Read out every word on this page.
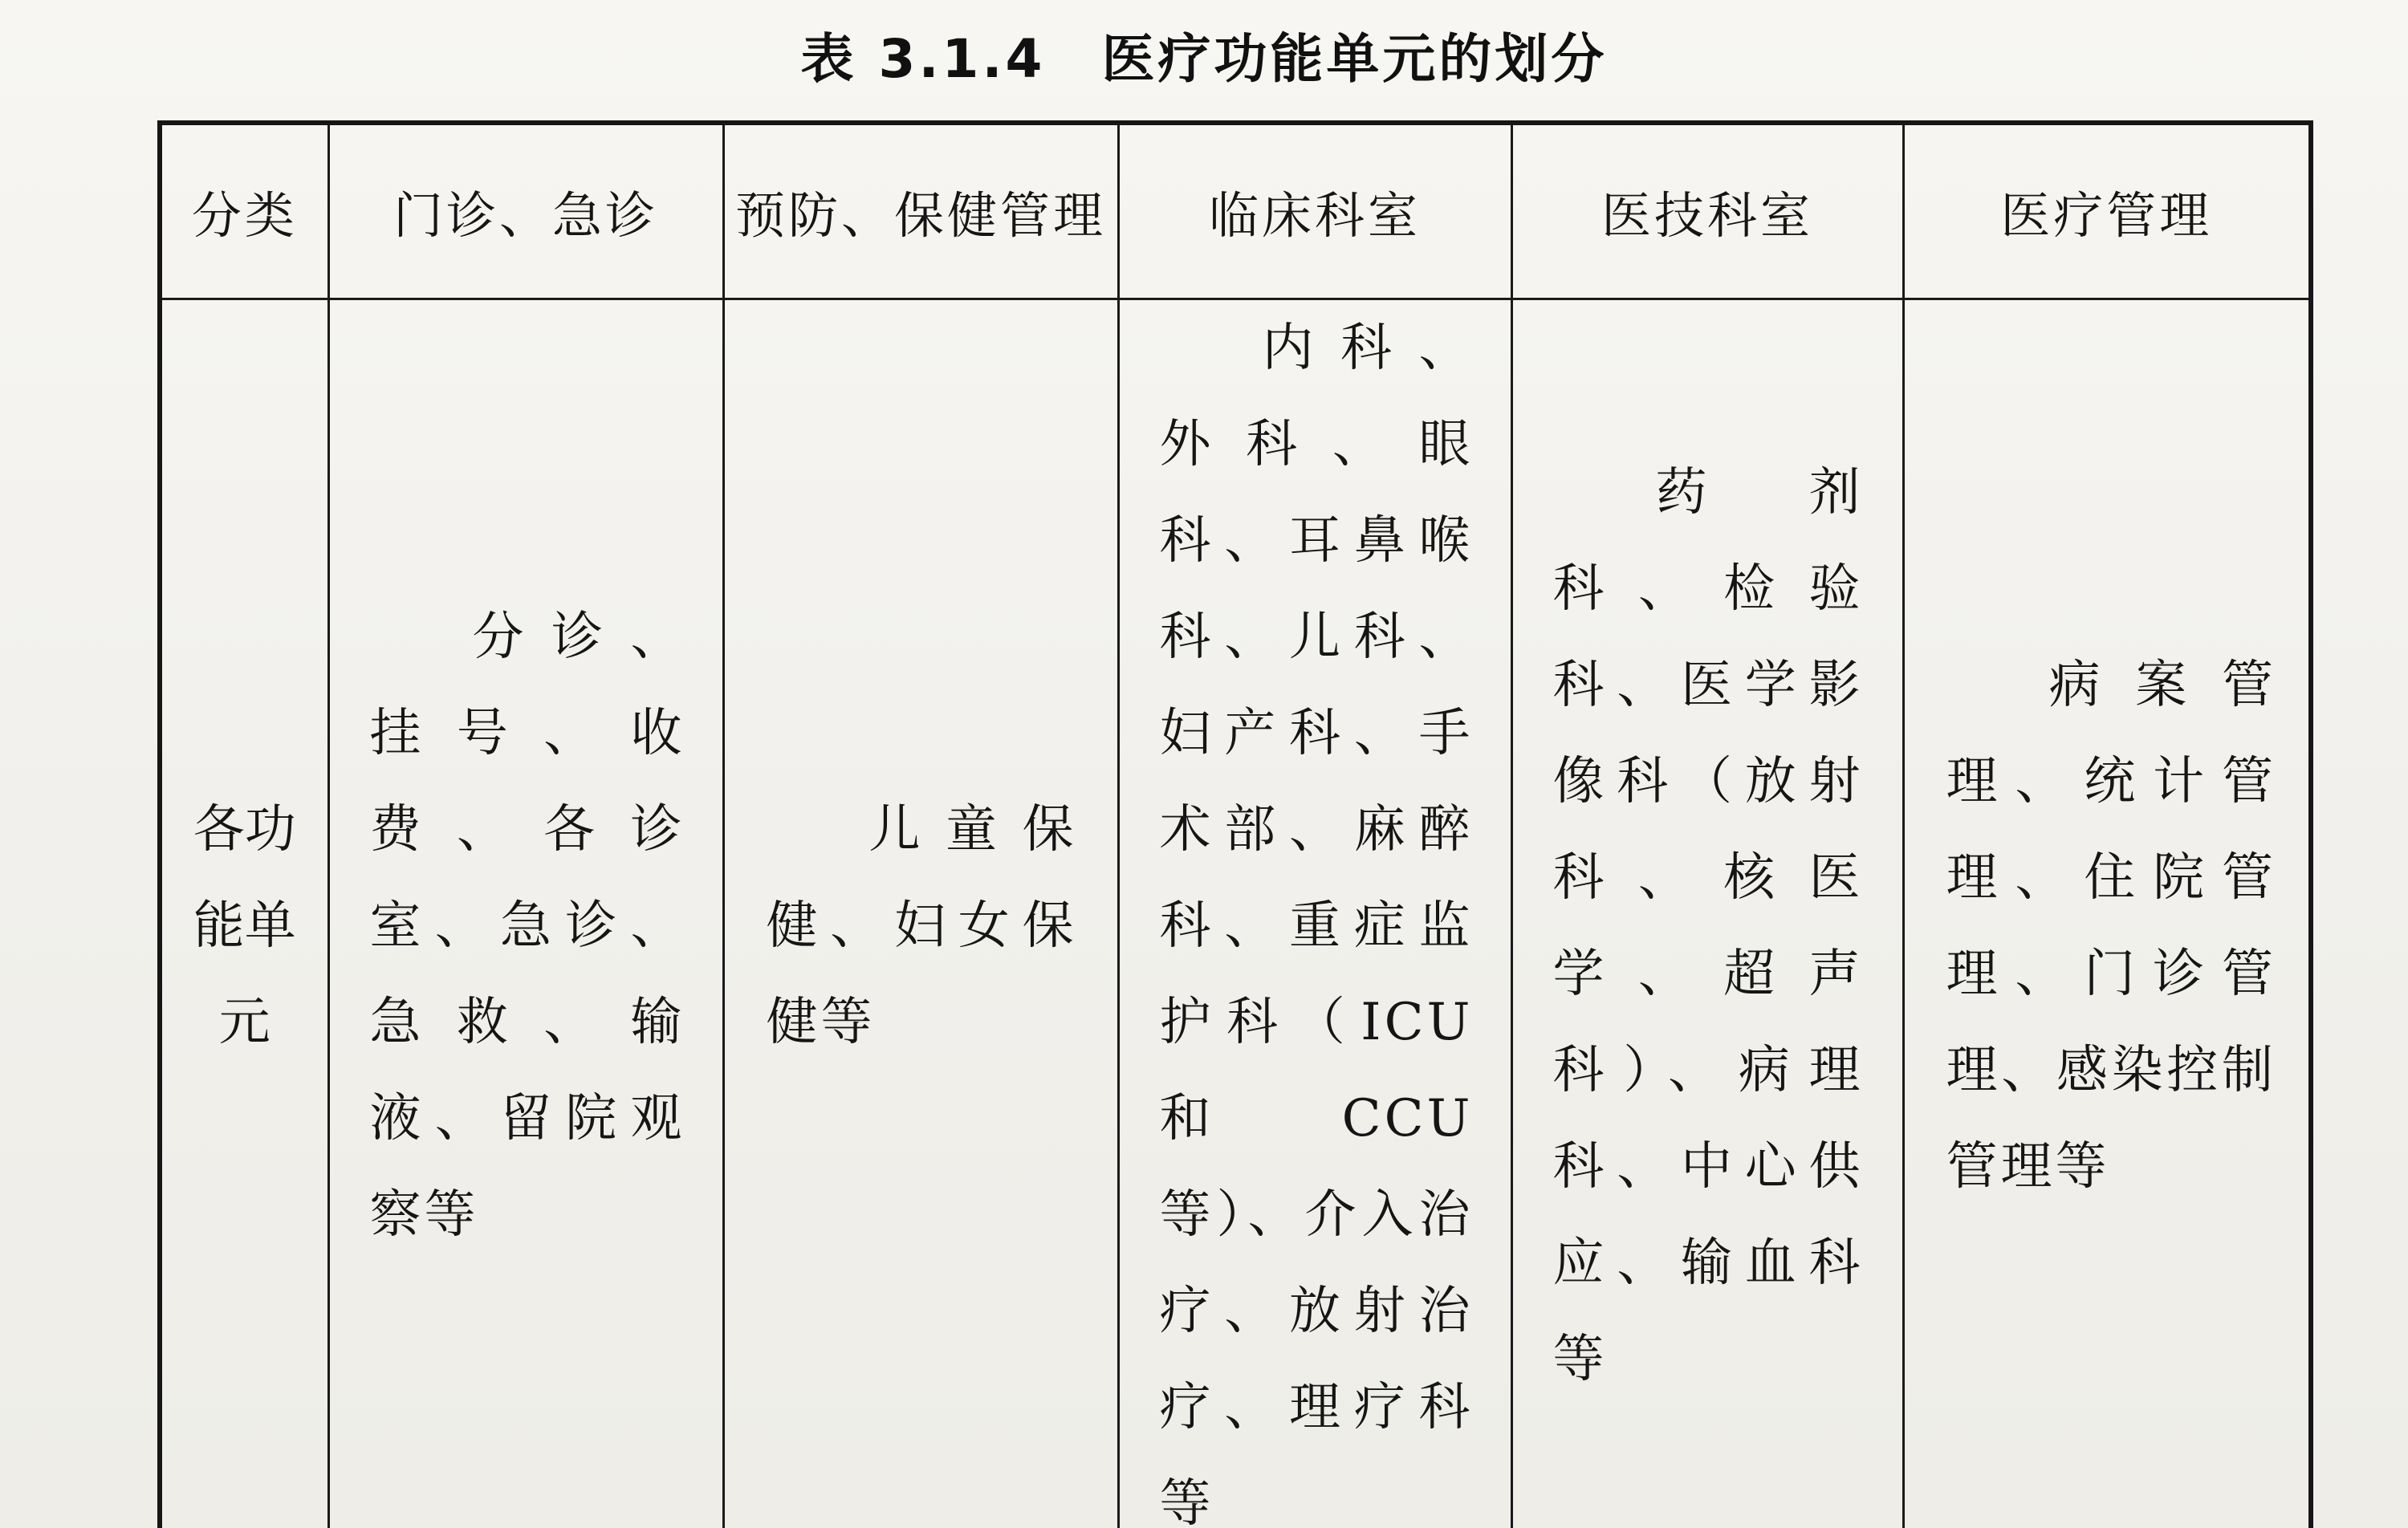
表 3.1.4 医疗功能单元的划分
分类	门诊、急诊	预防、保健管理	临床科室	医技科室	医疗管理

各功能单元	分诊、挂号、收费、各诊室、急诊、急救、输液、留院观察等	儿童保健、妇女保健等	内科、外科、眼科、耳鼻喉科、儿科、妇产科、手术部、麻醉科、重症监护科（ICU 和 CCU 等）、介入治疗、放射治疗、理疗科等	药剂科、检验科、医学影像科（放射科、核医学、超声科）、病理科、中心供应、输血科等	病案管理、统计管理、住院管理、门诊管理、感染控制管理等
